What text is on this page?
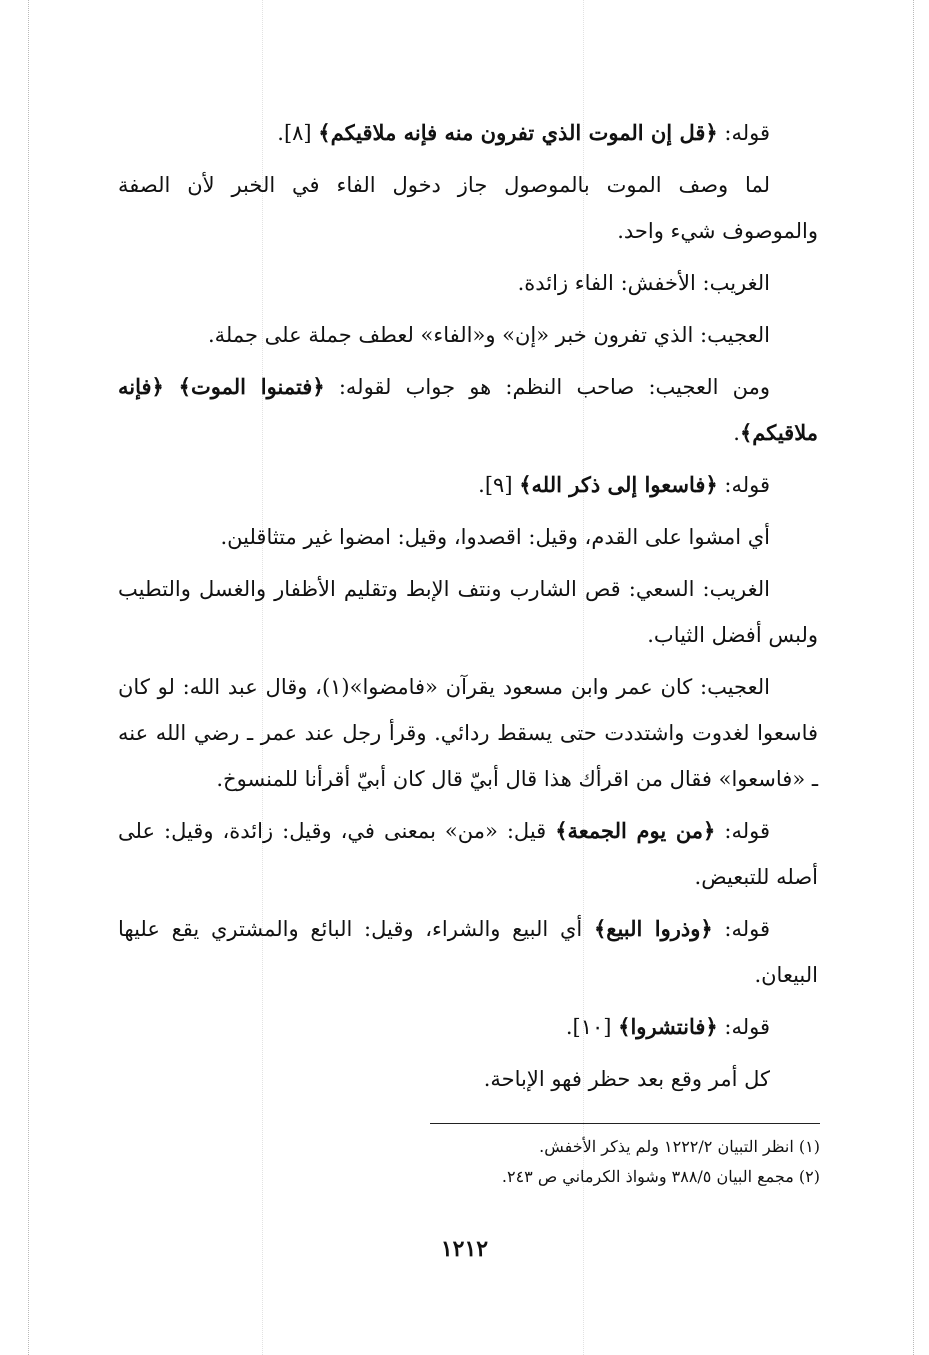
قوله: ﴿قل إن الموت الذي تفرون منه فإنه ملاقيكم﴾ [٨].

لما وصف الموت بالموصول جاز دخول الفاء في الخبر لأن الصفة والموصوف شيء واحد.

الغريب: الأخفش: الفاء زائدة.

العجيب: الذي تفرون خبر «إن» و«الفاء» لعطف جملة على جملة.

ومن العجيب: صاحب النظم: هو جواب لقوله: ﴿فتمنوا الموت﴾ ﴿فإنه ملاقيكم﴾.

قوله: ﴿فاسعوا إلى ذكر الله﴾ [٩].

أي امشوا على القدم، وقيل: اقصدوا، وقيل: امضوا غير متثاقلين.

الغريب: السعي: قص الشارب ونتف الإبط وتقليم الأظفار والغسل والتطيب ولبس أفضل الثياب.

العجيب: كان عمر وابن مسعود يقرآن «فامضوا»(١)، وقال عبد الله: لو كان فاسعوا لغدوت واشتددت حتى يسقط ردائي. وقرأ رجل عند عمر ـ رضي الله عنه ـ «فاسعوا» فقال من اقرأك هذا قال أبيّ قال كان أبيّ أقرأنا للمنسوخ.

قوله: ﴿من يوم الجمعة﴾ قيل: «من» بمعنى في، وقيل: زائدة، وقيل: على أصله للتبعيض.

قوله: ﴿وذروا البيع﴾ أي البيع والشراء، وقيل: البائع والمشتري يقع عليها البيعان.

قوله: ﴿فانتشروا﴾ [١٠].

كل أمر وقع بعد حظر فهو الإباحة.

(١) انظر التبيان ١٢٢٢/٢ ولم يذكر الأخفش.

(٢) مجمع البيان ٣٨٨/٥ وشواذ الكرماني ص ٢٤٣.

١٢١٢
